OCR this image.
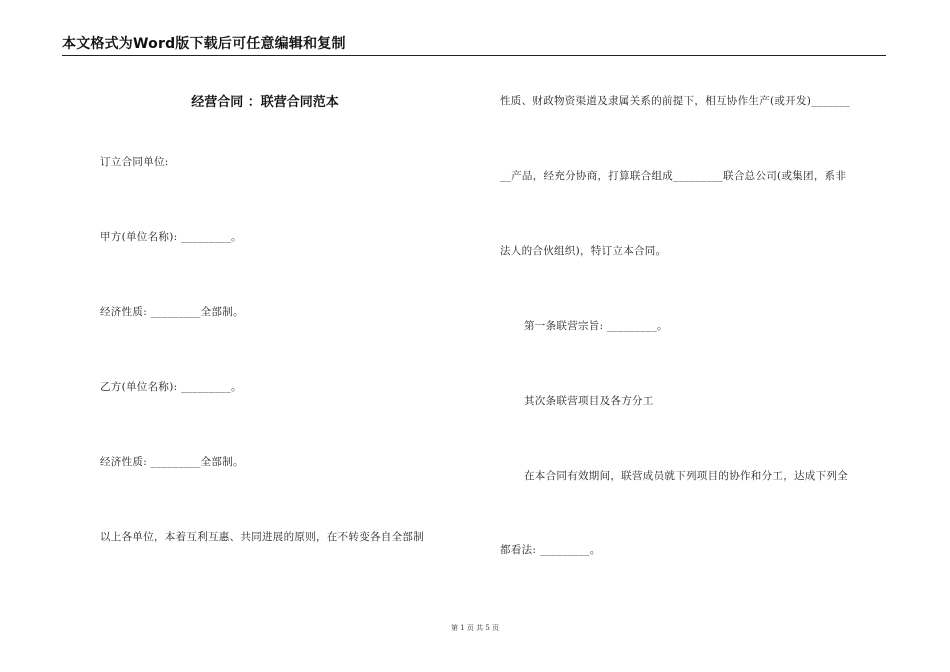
本文格式为Word版下载后可任意编辑和复制
经营合同 ：联营合同范本
订立合同单位:
甲方(单位名称): _________。
经济性质: _________全部制。
乙方(单位名称): _________。
经济性质: _________全部制。
以上各单位，本着互利互惠、共同进展的原则，在不转变各自全部制
性质、财政物资渠道及隶属关系的前提下，相互协作生产(或开发)_______
__产品，经充分协商，打算联合组成_________联合总公司(或集团，系非
法人的合伙组织)，特订立本合同。
第一条联营宗旨: _________。
其次条联营项目及各方分工
在本合同有效期间，联营成员就下列项目的协作和分工，达成下列全
都看法: _________。
第 1 页 共 5 页
